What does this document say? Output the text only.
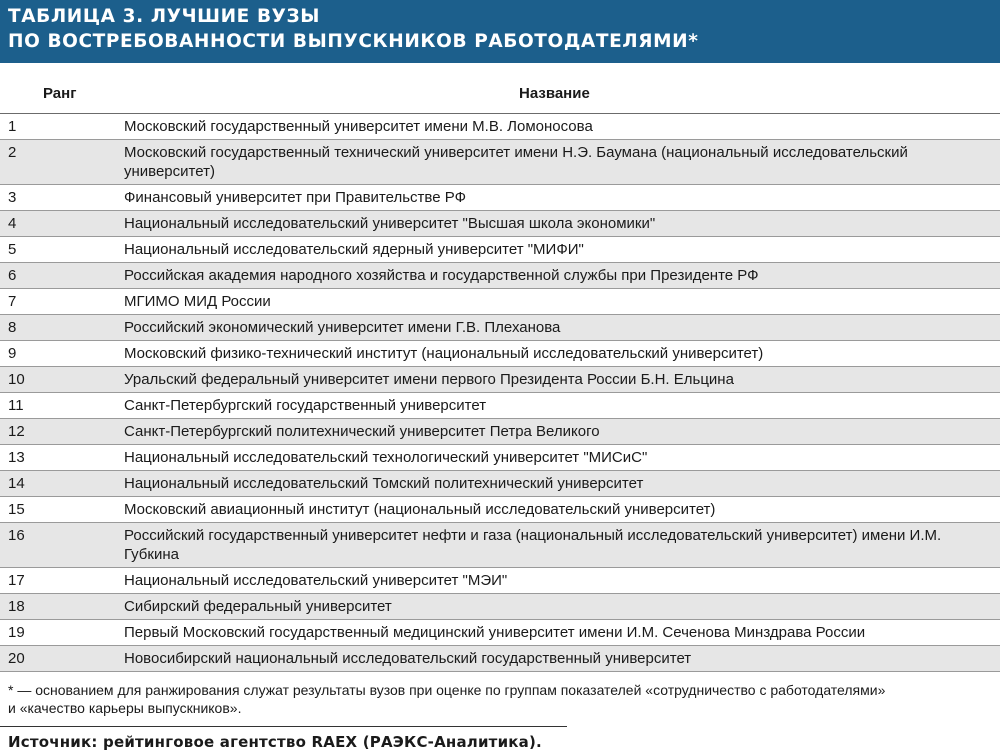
ТАБЛИЦА 3. ЛУЧШИЕ ВУЗЫ
ПО ВОСТРЕБОВАННОСТИ ВЫПУСКНИКОВ РАБОТОДАТЕЛЯМИ*
Ранг	Название
1	Московский государственный университет имени М.В. Ломоносова
2	Московский государственный технический университет имени Н.Э. Баумана (национальный исследовательский университет)
3	Финансовый университет при Правительстве РФ
4	Национальный исследовательский университет "Высшая школа экономики"
5	Национальный исследовательский ядерный университет "МИФИ"
6	Российская академия народного хозяйства и государственной службы при Президенте РФ
7	МГИМО МИД России
8	Российский экономический университет имени Г.В. Плеханова
9	Московский физико-технический институт (национальный исследовательский университет)
10	Уральский федеральный университет имени первого Президента России Б.Н. Ельцина
11	Санкт-Петербургский государственный университет
12	Санкт-Петербургский политехнический университет Петра Великого
13	Национальный исследовательский технологический университет "МИСиС"
14	Национальный исследовательский Томский политехнический университет
15	Московский авиационный институт (национальный исследовательский университет)
16	Российский государственный университет нефти и газа (национальный исследовательский университет) имени И.М. Губкина
17	Национальный исследовательский университет "МЭИ"
18	Сибирский федеральный университет
19	Первый Московский государственный медицинский университет имени И.М. Сеченова Минздрава России
20	Новосибирский национальный исследовательский государственный университет
* — основанием для ранжирования служат результаты вузов при оценке по группам показателей «сотрудничество с работодателями» и «качество карьеры выпускников».
Источник: рейтинговое агентство RAEX (РАЭКС-Аналитика).
